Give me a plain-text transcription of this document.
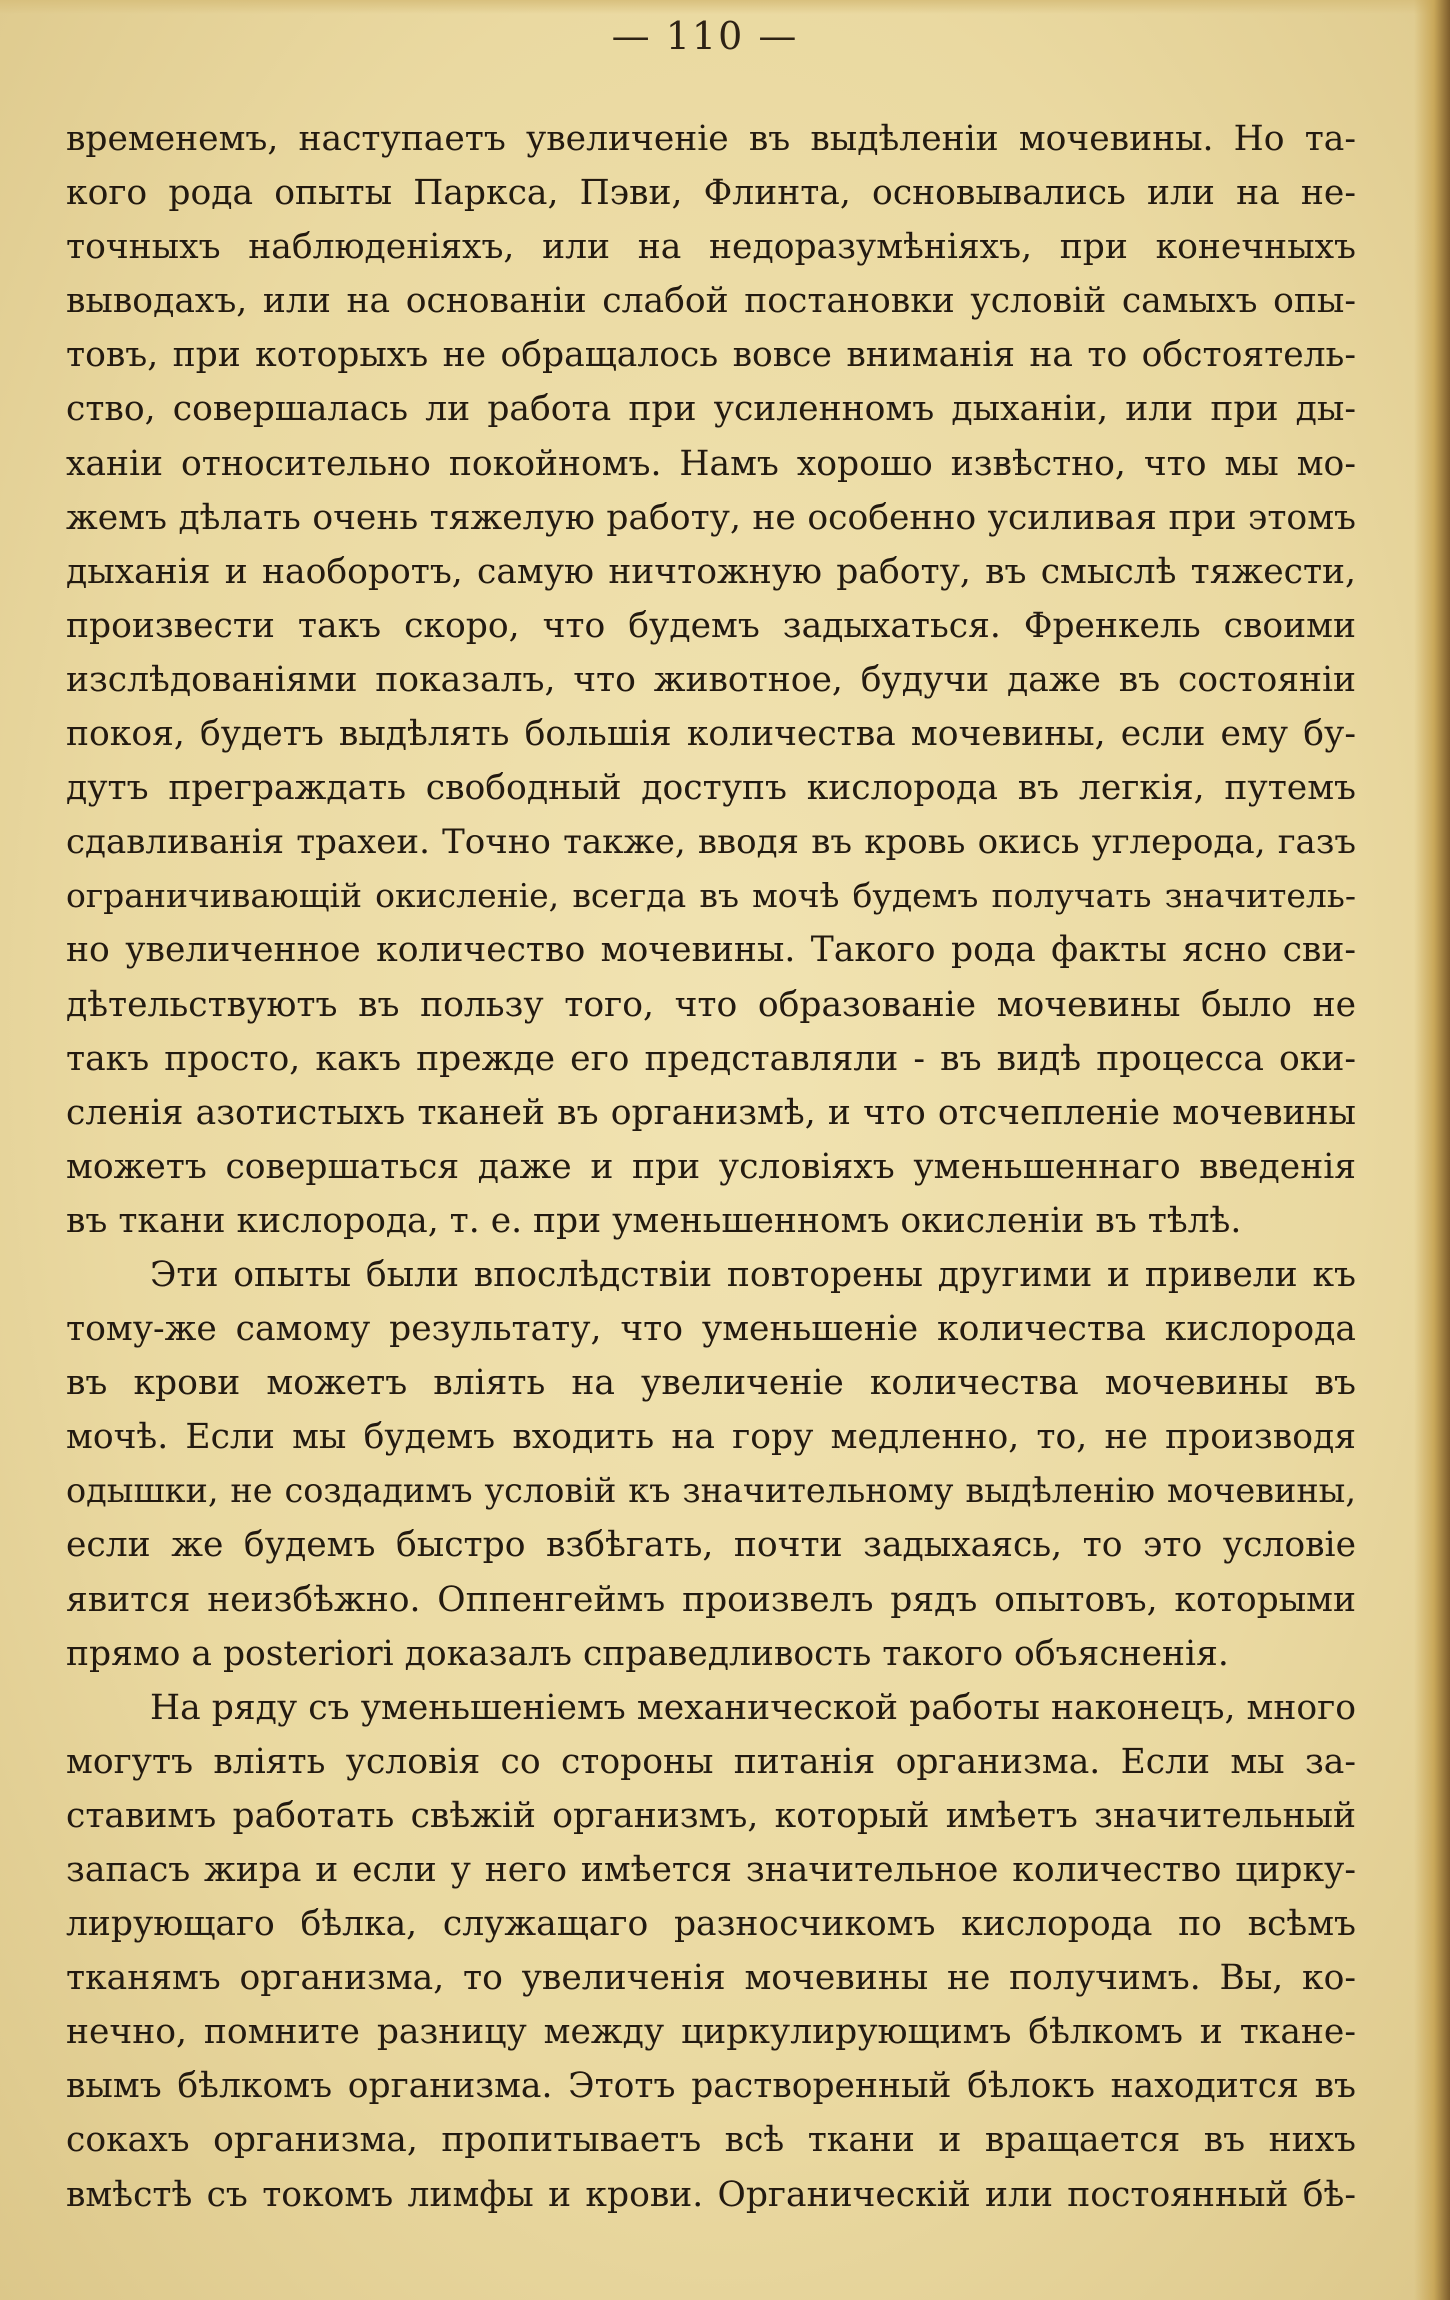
— 110 —
временемъ, наступаетъ увеличенiе въ выдѣленiи мочевины. Но та-
кого рода опыты Паркса, Пэви, Флинта, основывались или на не-
точныхъ наблюденiяхъ, или на недоразумѣнiяхъ, при конечныхъ
выводахъ, или на основанiи слабой постановки условiй самыхъ опы-
товъ, при которыхъ не обращалось вовсе вниманiя на то обстоятель-
ство, совершалась ли работа при усиленномъ дыханiи, или при ды-
ханiи относительно покойномъ. Намъ хорошо извѣстно, что мы мо-
жемъ дѣлать очень тяжелую работу, не особенно усиливая при этомъ
дыханiя и наоборотъ, самую ничтожную работу, въ смыслѣ тяжести,
произвести такъ скоро, что будемъ задыхаться. Френкель своими
изслѣдованiями показалъ, что животное, будучи даже въ состоянiи
покоя, будетъ выдѣлять большiя количества мочевины, если ему бу-
дутъ преграждать свободный доступъ кислорода въ легкiя, путемъ
сдавливанiя трахеи. Точно также, вводя въ кровь окись углерода, газъ
ограничивающiй окисленiе, всегда въ мочѣ будемъ получать значитель-
но увеличенное количество мочевины. Такого рода факты ясно сви-
дѣтельствуютъ въ пользу того, что образованiе мочевины было не
такъ просто, какъ прежде его представляли - въ видѣ процесса оки-
сленiя азотистыхъ тканей въ организмѣ, и что отсчепленiе мочевины
можетъ совершаться даже и при условiяхъ уменьшеннаго введенiя
въ ткани кислорода, т. е. при уменьшенномъ окисленiи въ тѣлѣ.
Эти опыты были впослѣдствiи повторены другими и привели къ
тому-же самому результату, что уменьшенiе количества кислорода
въ крови можетъ влiять на увеличенiе количества мочевины въ
мочѣ. Если мы будемъ входить на гору медленно, то, не производя
одышки, не создадимъ условiй къ значительному выдѣленiю мочевины,
если же будемъ быстро взбѣгать, почти задыхаясь, то это условiе
явится неизбѣжно. Оппенгеймъ произвелъ рядъ опытовъ, которыми
прямо a posteriori доказалъ справедливость такого объясненiя.
На ряду съ уменьшенiемъ механической работы наконецъ, много
могутъ влiять условiя со стороны питанiя организма. Если мы за-
ставимъ работать свѣжiй организмъ, который имѣетъ значительный
запасъ жира и если у него имѣется значительное количество цирку-
лирующаго бѣлка, служащаго разносчикомъ кислорода по всѣмъ
тканямъ организма, то увеличенiя мочевины не получимъ. Вы, ко-
нечно, помните разницу между циркулирующимъ бѣлкомъ и ткане-
вымъ бѣлкомъ организма. Этотъ растворенный бѣлокъ находится въ
сокахъ организма, пропитываетъ всѣ ткани и вращается въ нихъ
вмѣстѣ съ токомъ лимфы и крови. Органическiй или постоянный бѣ-
